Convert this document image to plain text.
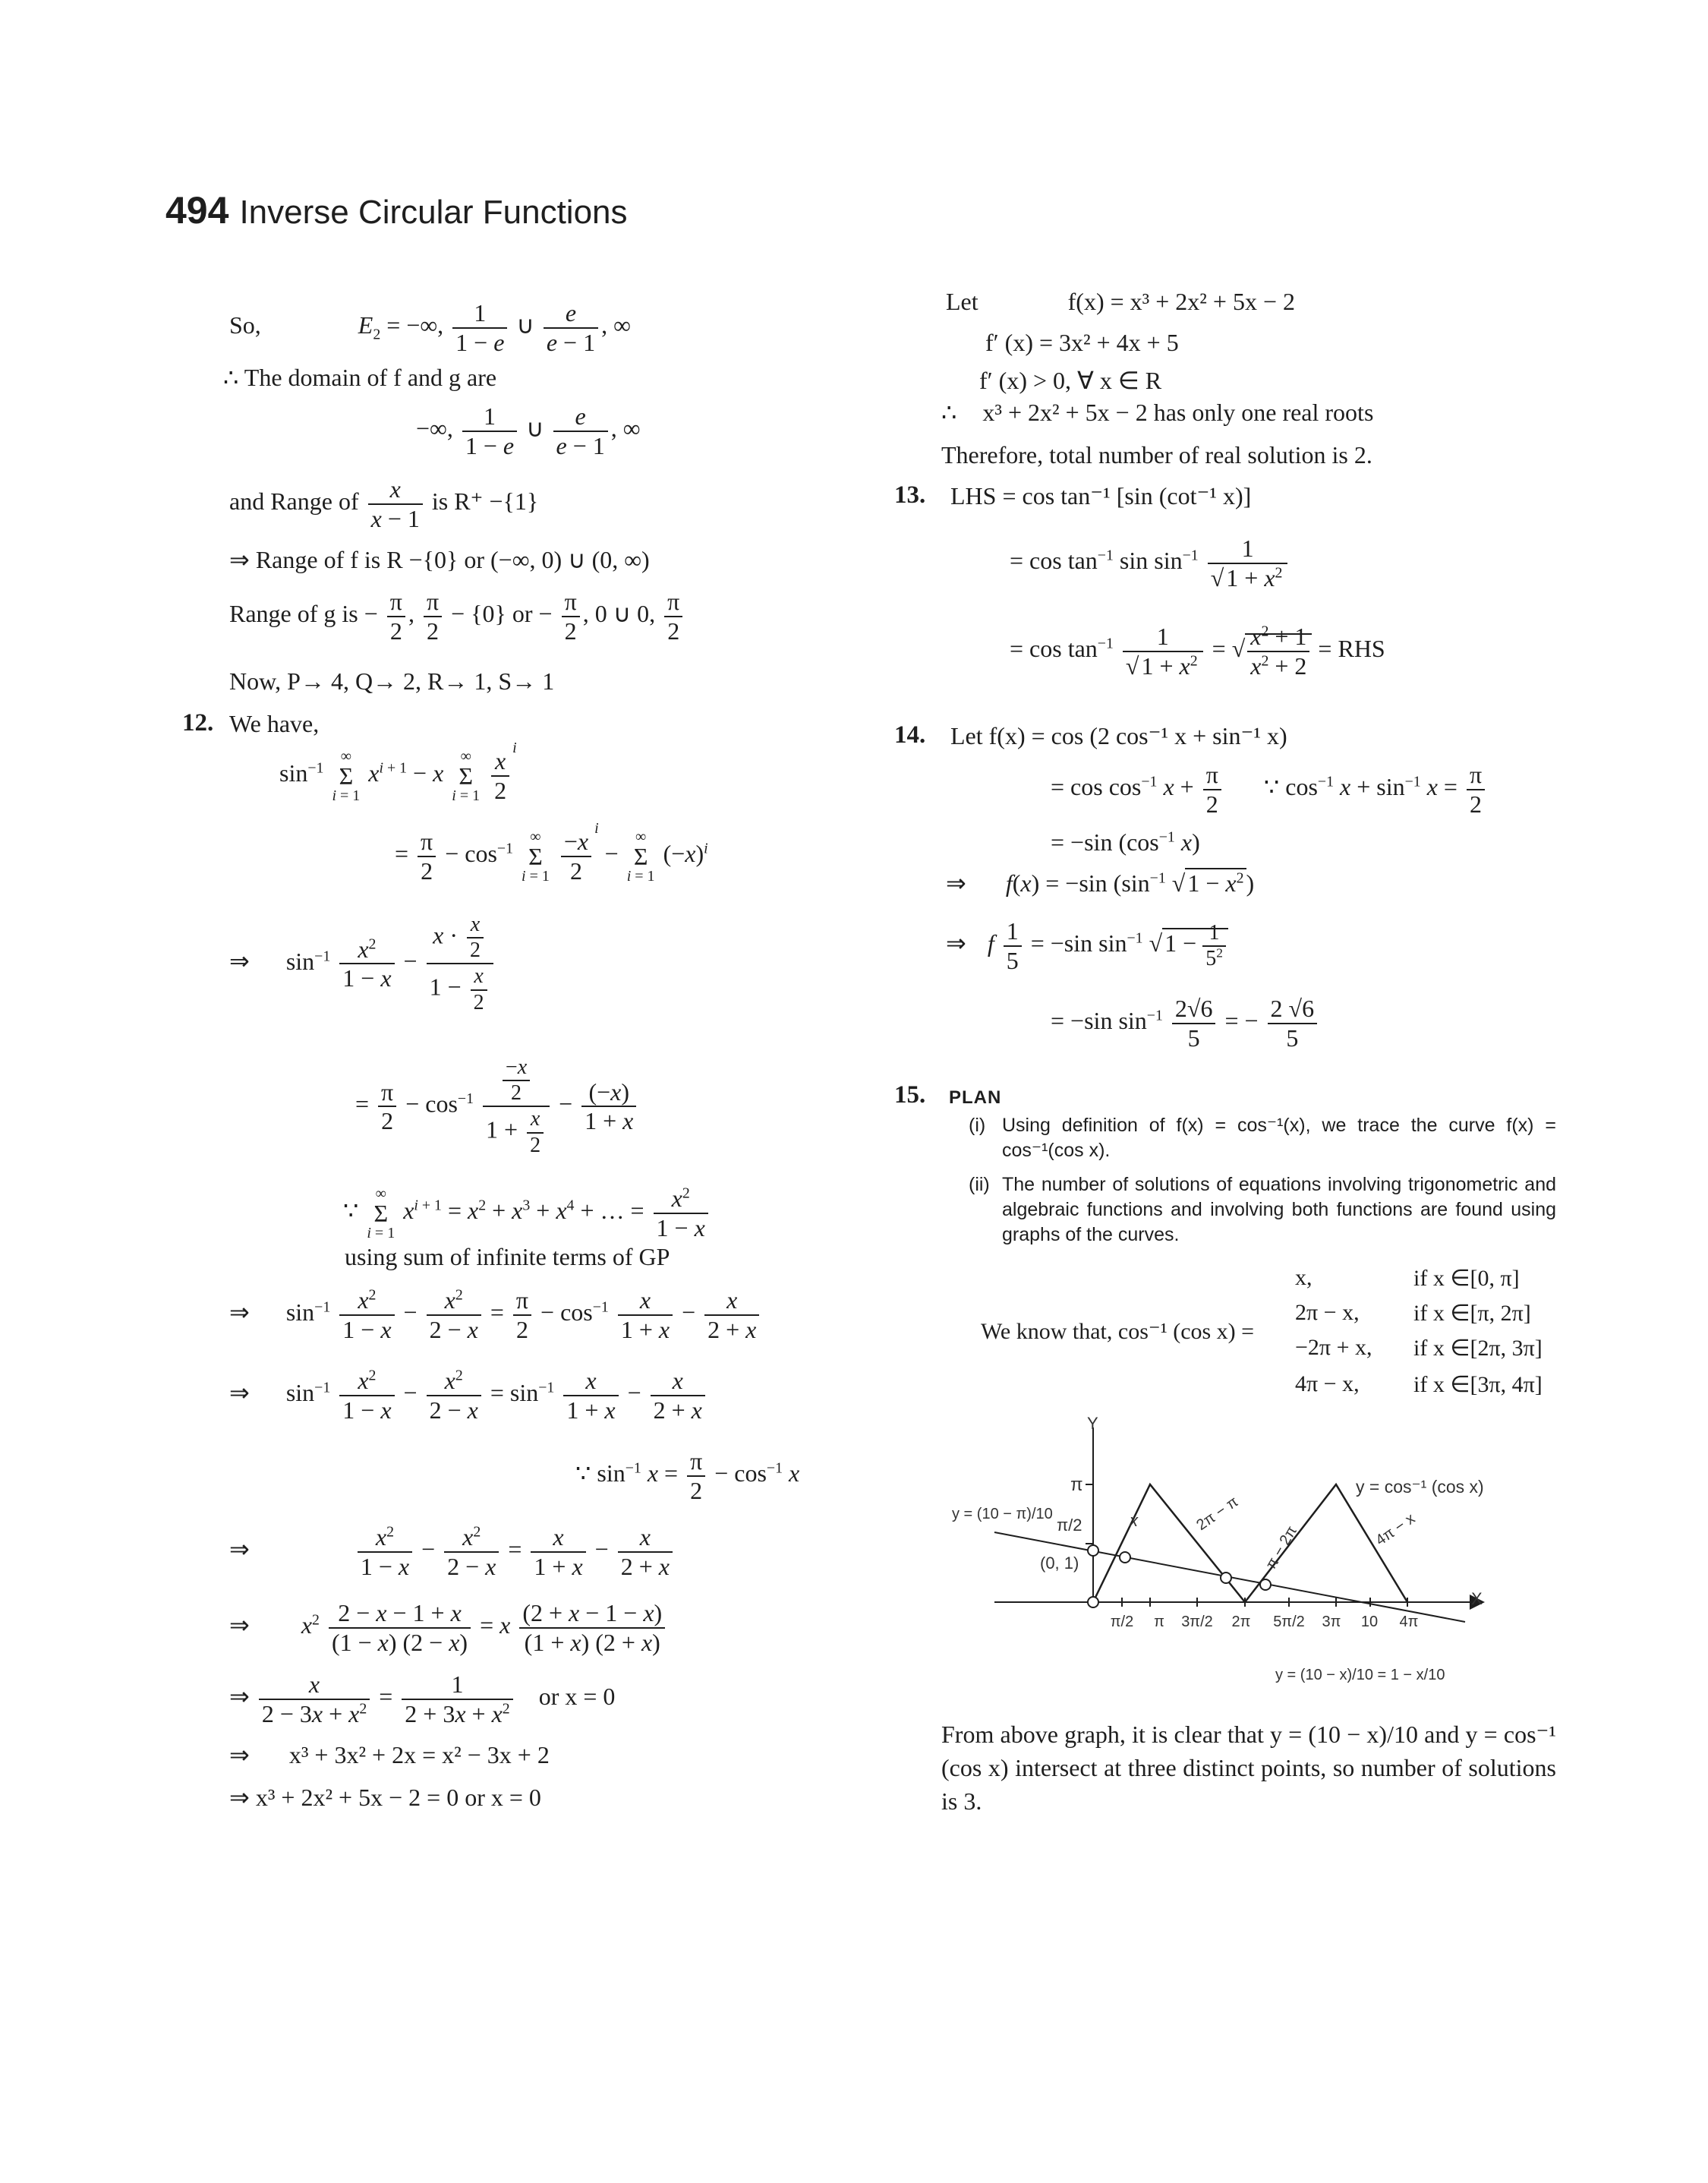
494 Inverse Circular Functions
So,	$E_2$ = −∞, $\frac{1}{1 - e}$ ∪ $\frac{e}{e - 1}$ , ∞
∴ The domain of f and g are
−∞, $\frac{1}{1 - e}$ ∪ $\frac{e}{e - 1}$ , ∞
and Range of $\frac{x}{x - 1}$ is R⁺ −{1}
⇒ Range of f is R −{0} or (−∞, 0) ∪ (0, ∞)
Range of g is − $\frac{\pi}{2}$ , $\frac{\pi}{2} - \{0\}$ or − $\frac{\pi}{2}$ , 0 ∪ 0, $\frac{\pi}{2}$
Now, P→ 4, Q→ 2, R→ 1, S→ 1
12. We have,
$\sin^{-1}$ ∞
Σ
i = 1 $x^{i + 1} - x$ ∞
Σ
$i = 1 \frac{x}{2} ^i$
= $\frac{\pi}{2} - \cos^{-1}$ ∞
Σ
$i = 1 \frac{-x}{2} ^i$ − ∞
Σ
i = 1 $(-x)^i$
⇒ $\sin^{-1} \frac{x^2}{1 - x} - \frac{x \cdot \frac{x}{2}}{1 - \frac{x}{2}}$
= $\frac{\pi}{2} - \cos^{-1} \frac{\frac{-x}{2}}{1 + \frac{x}{2}} - \frac{(-x)}{1 + x}$
∵ ∞
Σ
i = 1 $x^{i + 1} = x^2 + x^3 + x^4$ + … = $\frac{x^2}{1 - x}$
using sum of infinite terms of GP
⇒ $\sin^{-1} \frac{x^2}{1 - x} - \frac{x^2}{2 - x} = \frac{\pi}{2} - \cos^{-1} \frac{x}{1 + x} - \frac{x}{2 + x}$
⇒ $\sin^{-1} \frac{x^2}{1 - x} - \frac{x^2}{2 - x} = \sin^{-1} \frac{x}{1 + x} - \frac{x}{2 + x}$
∵ $\sin^{-1} x = \frac{\pi}{2} - \cos^{-1} x$
⇒	$\frac{x^2}{1 - x} - \frac{x^2}{2 - x} = \frac{x}{1 + x} - \frac{x}{2 + x}$
⇒ $x^2 \frac{2 - x - 1 + x}{(1 - x) (2 - x)} = x \frac{(2 + x - 1 - x)}{(1 + x) (2 + x)}$
⇒ $\frac{x}{2 - 3x + x^2} = \frac{1}{2 + 3x + x^2}$ or x = 0
⇒ x³ + 3x² + 2x = x² − 3x + 2
⇒ x³ + 2x² + 5x − 2 = 0 or x = 0
Let	f(x) = x³ + 2x² + 5x − 2
f′ (x) = 3x² + 4x + 5
f′ (x) > 0, ∀ x ∈ R
∴ x³ + 2x² + 5x − 2 has only one real roots
Therefore, total number of real solution is 2.
13. LHS = cos tan⁻¹ [sin (cot⁻¹ x)]
= $\cos \tan^{-1} \sin \sin^{-1} \frac{1}{√1 + x^2}$
= $\cos \tan^{-1} \frac{1}{√1 + x^2}$ = √ $\frac{x^2 + 1}{x^2 + 2}$ = RHS
14. Let f(x) = cos (2 cos⁻¹ x + sin⁻¹ x)
= $\cos \cos^{-1} x + \frac{\pi}{2}$ ∵ $\cos^{-1} x + \sin^{-1} x = \frac{\pi}{2}$
= −sin ($\cos^{-1}$ x)
⇒ f(x) = −sin ($\sin^{-1}$ $√1 - x^2$)
⇒ f $\frac{1}{5} = -\sin$ $\sin^{-1} √1 - \frac{1}{5^2}$
= −sin $\sin^{-1} \frac{2√6}{5}$ = − $\frac{2 √6}{5}$
15. PLAN
(i) Using definition of f(x) = cos⁻¹(x), we trace the curve f(x) = cos⁻¹(cos x).
(ii) The number of solutions of equations involving trigonometric and algebraic functions and involving both functions are found using graphs of the curves.
We know that, cos⁻¹ (cos x) =
x,	if x ∈[0, π]
2π − x, if x ∈[π, 2π]
−2π + x, if x ∈[2π, 3π]
4π − x, if x ∈[3π, 4π]
Y
X
π
π/2
(0, 1)
y = cos⁻¹ (cos x)
x	2π − π
π − 2π	4π − x
π/2 π 3π/2 2π 5π/2 3π 10 4π
y = (10 − π)/10
y = (10 − x)/10 = 1 − x/10
From above graph, it is clear that y = (10 − x)/10 and y = cos⁻¹ (cos x) intersect at three distinct points, so number of solutions is 3.
